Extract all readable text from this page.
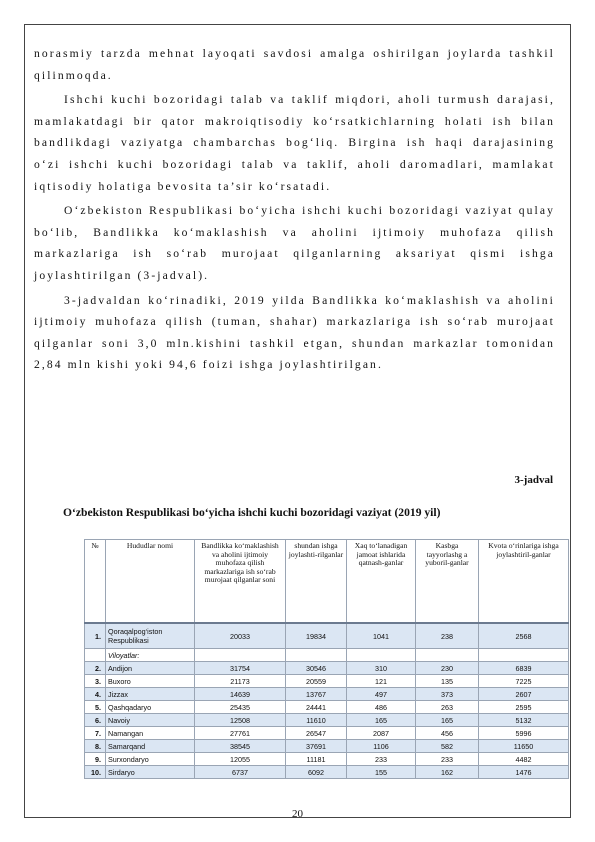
norasmiy tarzda mehnat layoqati savdosi amalga oshirilgan joylarda tashkil qilinmoqda.

Ishchi kuchi bozoridagi talab va taklif miqdori, aholi turmush darajasi, mamlakatdagi bir qator makroiqtisodiy ko‘rsatkichlarning holati ish bilan bandlikdagi vaziyatga chambarchas bog‘liq. Birgina ish haqi darajasining o‘zi ishchi kuchi bozoridagi talab va taklif, aholi daromadlari, mamlakat iqtisodiy holatiga bevosita ta’sir ko‘rsatadi.

O‘zbekiston Respublikasi bo‘yicha ishchi kuchi bozoridagi vaziyat qulay bo‘lib, Bandlikka ko‘maklashish va aholini ijtimoiy muhofaza qilish markazlariga ish so‘rab murojaat qilganlarning aksariyat qismi ishga joylashtirilgan (3-jadval).

3-jadvaldan ko‘rinadiki, 2019 yilda Bandlikka ko‘maklashish va aholini ijtimoiy muhofaza qilish (tuman, shahar) markazlariga ish so‘rab murojaat qilganlar soni 3,0 mln.kishini tashkil etgan, shundan markazlar tomonidan 2,84 mln kishi yoki 94,6 foizi ishga joylashtirilgan.

3-jadval
O‘zbekiston Respublikasi bo‘yicha ishchi kuchi bozoridagi vaziyat (2019 yil)
№	Hududlar nomi	Bandlikka ko‘maklashish va aholini ijtimoiy muhofaza qilish markazlariga ish so‘rab murojaat qilganlar soni	shundan ishga joylashti-rilganlar	Xaq to‘lanadigan jamoat ishlarida qatnash-ganlar	Kasbga tayyorlashg a yuboril-ganlar	Kvota o‘rinlariga ishga joylashtiril-ganlar
1.	Qoraqalpog‘iston Respublikasi	20033	19834	1041	238	2568
	Viloyatlar:					
2.	Andijon	31754	30546	310	230	6839
3.	Buxoro	21173	20559	121	135	7225
4.	Jizzax	14639	13767	497	373	2607
5.	Qashqadaryo	25435	24441	486	263	2595
6.	Navoiy	12508	11610	165	165	5132
7.	Namangan	27761	26547	2087	456	5996
8.	Samarqand	38545	37691	1106	582	11650
9.	Surxondaryo	12055	11181	233	233	4482
10.	Sirdaryo	6737	6092	155	162	1476
20
